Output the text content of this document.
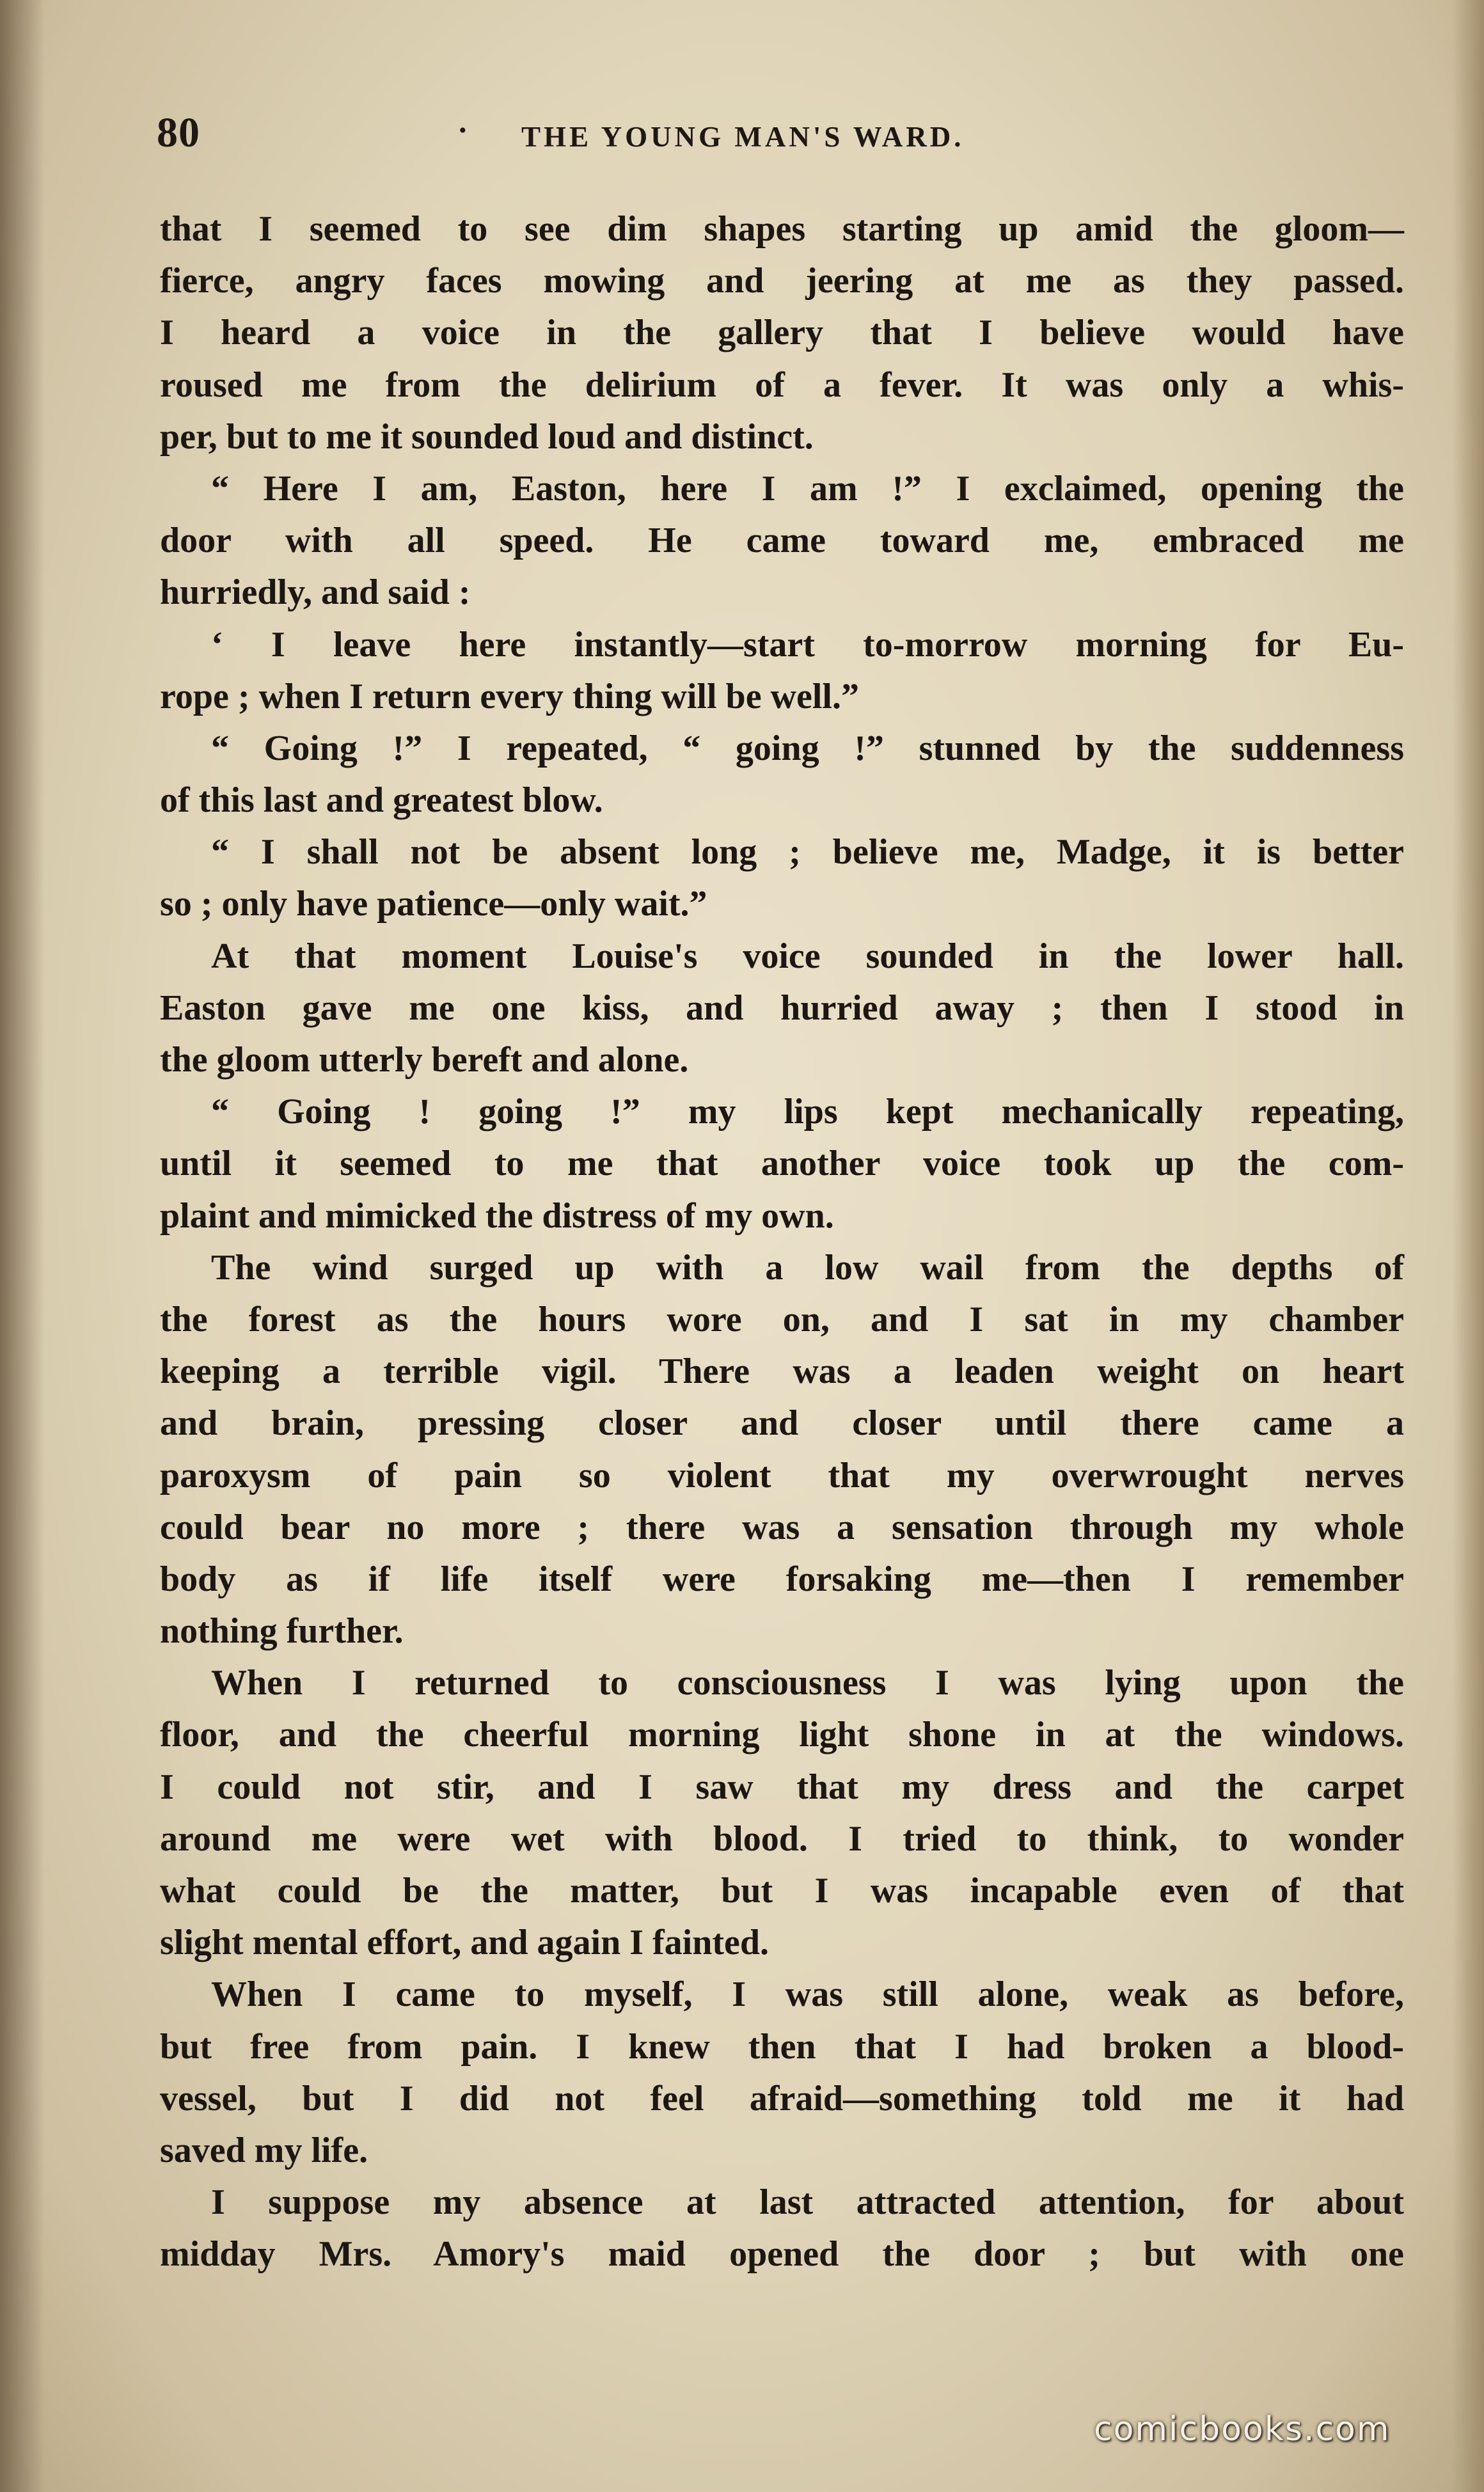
80	· THE YOUNG MAN'S WARD.
that I seemed to see dim shapes starting up amid the gloom—
fierce, angry faces mowing and jeering at me as they passed.
I heard a voice in the gallery that I believe would have
roused me from the delirium of a fever. It was only a whis-
per, but to me it sounded loud and distinct.
“ Here I am, Easton, here I am !” I exclaimed, opening the
door with all speed. He came toward me, embraced me
hurriedly, and said :
‘ I leave here instantly—start to-morrow morning for Eu-
rope ; when I return every thing will be well.”
“ Going !” I repeated, “ going !” stunned by the suddenness
of this last and greatest blow.
“ I shall not be absent long ; believe me, Madge, it is better
so ; only have patience—only wait.”
At that moment Louise's voice sounded in the lower hall.
Easton gave me one kiss, and hurried away ; then I stood in
the gloom utterly bereft and alone.
“ Going ! going !” my lips kept mechanically repeating,
until it seemed to me that another voice took up the com-
plaint and mimicked the distress of my own.
The wind surged up with a low wail from the depths of
the forest as the hours wore on, and I sat in my chamber
keeping a terrible vigil. There was a leaden weight on heart
and brain, pressing closer and closer until there came a
paroxysm of pain so violent that my overwrought nerves
could bear no more ; there was a sensation through my whole
body as if life itself were forsaking me—then I remember
nothing further.
When I returned to consciousness I was lying upon the
floor, and the cheerful morning light shone in at the windows.
I could not stir, and I saw that my dress and the carpet
around me were wet with blood. I tried to think, to wonder
what could be the matter, but I was incapable even of that
slight mental effort, and again I fainted.
When I came to myself, I was still alone, weak as before,
but free from pain. I knew then that I had broken a blood-
vessel, but I did not feel afraid—something told me it had
saved my life.
I suppose my absence at last attracted attention, for about
midday Mrs. Amory's maid opened the door ; but with one
comicbooks.com
